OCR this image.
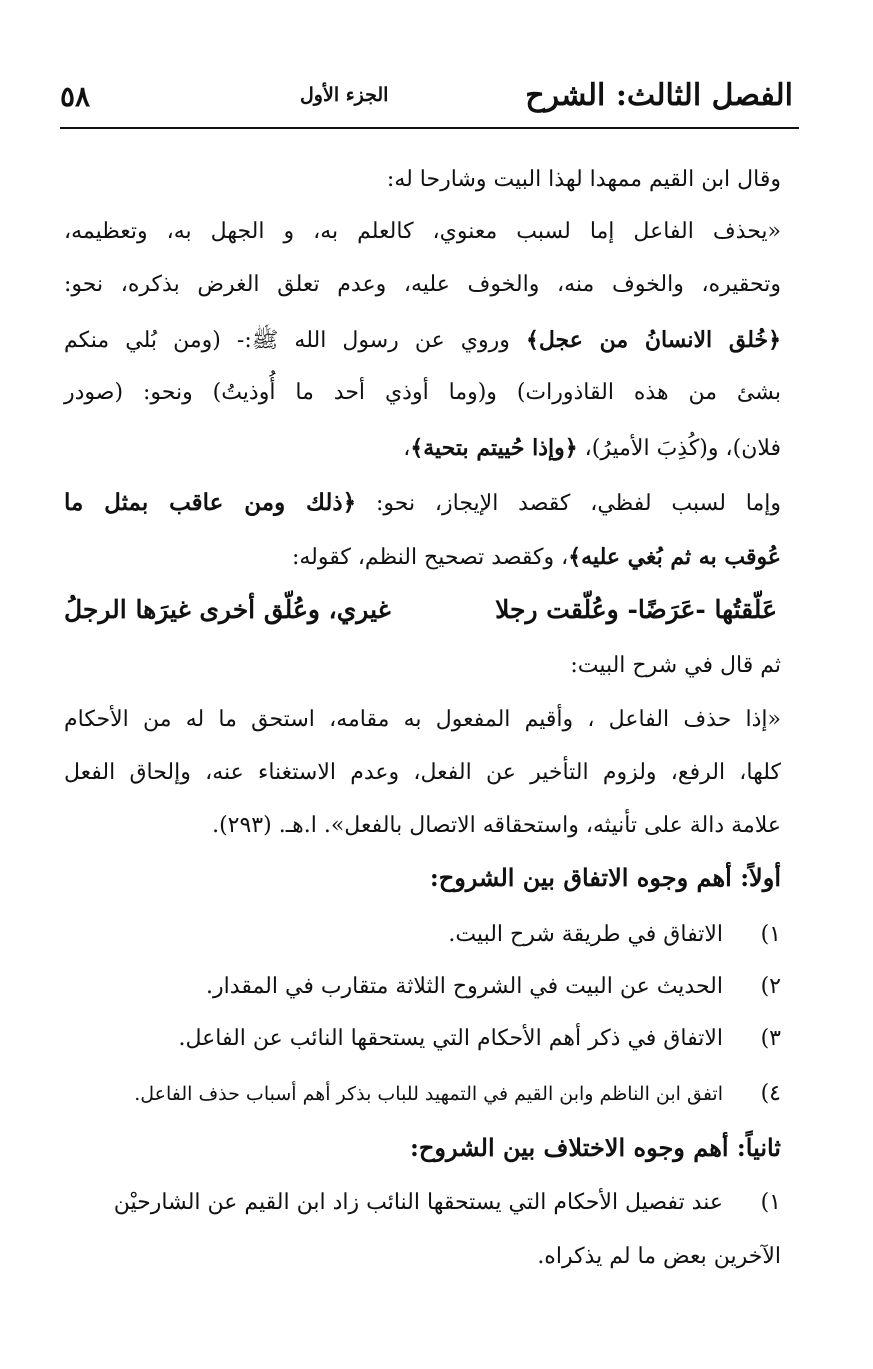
الفصل الثالث: الشرح
الجزء الأول
٥٨
وقال ابن القيم ممهدا لهذا البيت وشارحا له:
«يحذف الفاعل إما لسبب معنوي، كالعلم به، و الجهل به، وتعظيمه،
وتحقيره، والخوف منه، والخوف عليه، وعدم تعلق الغرض بذكره، نحو:
﴿خُلق الانسانُ من عجل﴾ وروي عن رسول الله ﷺ:- (ومن بُلي منكم
بشئ من هذه القاذورات) و(وما أوذي أحد ما أُوذيتُ) ونحو: (صودر
فلان)، و(كُذِبَ الأميرُ)، ﴿وإذا حُييتم بتحية﴾،
وإما لسبب لفظي، كقصد الإيجاز، نحو: ﴿ذلك ومن عاقب بمثل ما
عُوقب به ثم بُغي عليه﴾، وكقصد تصحيح النظم، كقوله:
عَلّقتُها -عَرَضًا- وعُلّقت رجلا
غيري، وعُلّق أخرى غيرَها الرجلُ
ثم قال في شرح البيت:
«إذا حذف الفاعل ، وأقيم المفعول به مقامه، استحق ما له من الأحكام
كلها، الرفع، ولزوم التأخير عن الفعل، وعدم الاستغناء عنه، وإلحاق الفعل
علامة دالة على تأنيثه، واستحقاقه الاتصال بالفعل». ا.هـ. (٢٩٣).
أولاً: أهم وجوه الاتفاق بين الشروح:
١)الاتفاق في طريقة شرح البيت.
٢)الحديث عن البيت في الشروح الثلاثة متقارب في المقدار.
٣)الاتفاق في ذكر أهم الأحكام التي يستحقها النائب عن الفاعل.
٤)اتفق ابن الناظم وابن القيم في التمهيد للباب بذكر أهم أسباب حذف الفاعل.
ثانياً: أهم وجوه الاختلاف بين الشروح:
١)عند تفصيل الأحكام التي يستحقها النائب زاد ابن القيم عن الشارحيْن
الآخرين بعض ما لم يذكراه.
